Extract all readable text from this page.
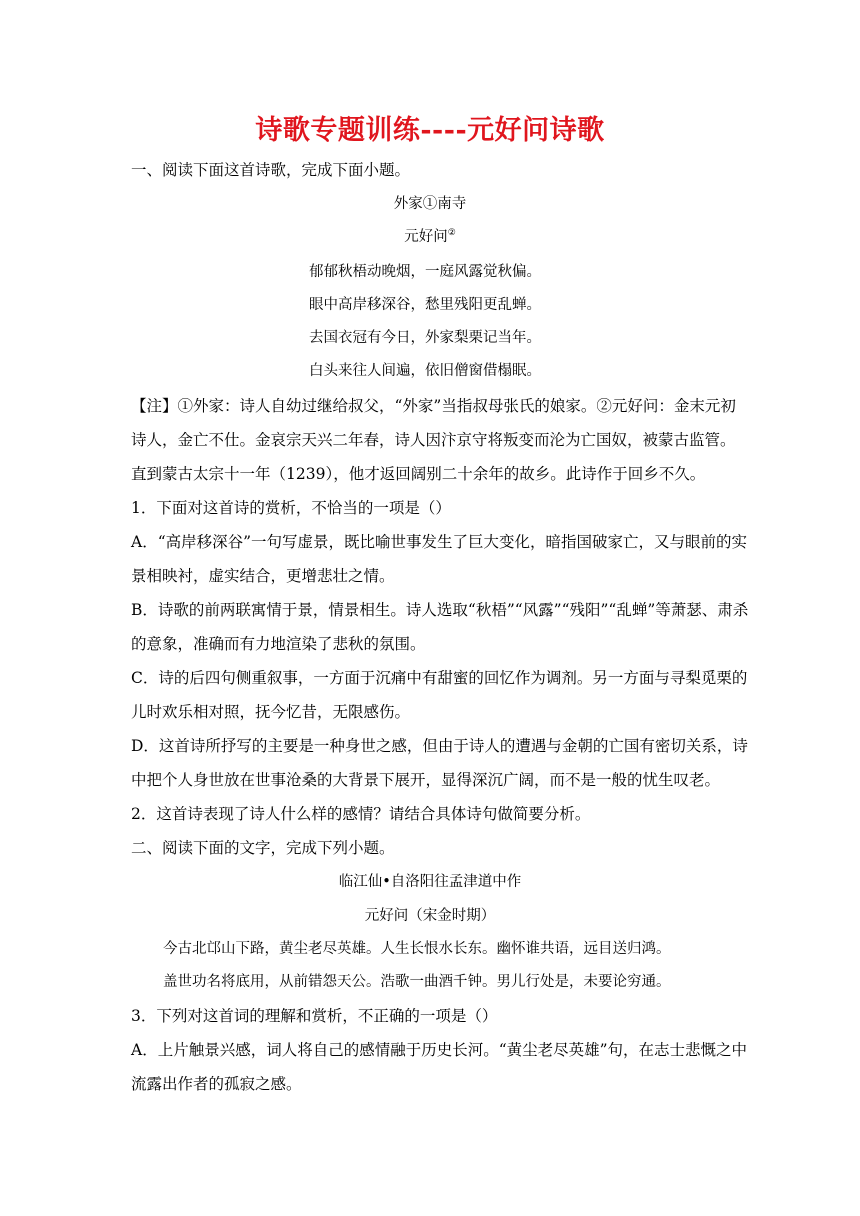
诗歌专题训练----元好问诗歌
一、阅读下面这首诗歌，完成下面小题。
外家①南寺
元好问②
郁郁秋梧动晚烟，一庭风露觉秋偏。
眼中高岸移深谷，愁里残阳更乱蝉。
去国衣冠有今日，外家梨栗记当年。
白头来往人间遍，依旧僧窗借榻眠。
【注】①外家：诗人自幼过继给叔父，“外家”当指叔母张氏的娘家。②元好问：金末元初
诗人，金亡不仕。金哀宗天兴二年春，诗人因汴京守将叛变而沦为亡国奴，被蒙古监管。
直到蒙古太宗十一年（1239），他才返回阔别二十余年的故乡。此诗作于回乡不久。
1．下面对这首诗的赏析，不恰当的一项是（）
A．“高岸移深谷”一句写虚景，既比喻世事发生了巨大变化，暗指国破家亡，又与眼前的实
景相映衬，虚实结合，更增悲壮之情。
B．诗歌的前两联寓情于景，情景相生。诗人选取“秋梧”“风露”“残阳”“乱蝉”等萧瑟、肃杀
的意象，准确而有力地渲染了悲秋的氛围。
C．诗的后四句侧重叙事，一方面于沉痛中有甜蜜的回忆作为调剂。另一方面与寻梨觅栗的
儿时欢乐相对照，抚今忆昔，无限感伤。
D．这首诗所抒写的主要是一种身世之感，但由于诗人的遭遇与金朝的亡国有密切关系，诗
中把个人身世放在世事沧桑的大背景下展开，显得深沉广阔，而不是一般的忧生叹老。
2．这首诗表现了诗人什么样的感情？请结合具体诗句做简要分析。
二、阅读下面的文字，完成下列小题。
临江仙•自洛阳往孟津道中作
元好问（宋金时期）
今古北邙山下路，黄尘老尽英雄。人生长恨水长东。幽怀谁共语，远目送归鸿。
盖世功名将底用，从前错怨天公。浩歌一曲酒千钟。男儿行处是，未要论穷通。
3．下列对这首词的理解和赏析，不正确的一项是（）
A．上片触景兴感，词人将自己的感情融于历史长河。“黄尘老尽英雄”句，在志士悲慨之中
流露出作者的孤寂之感。
